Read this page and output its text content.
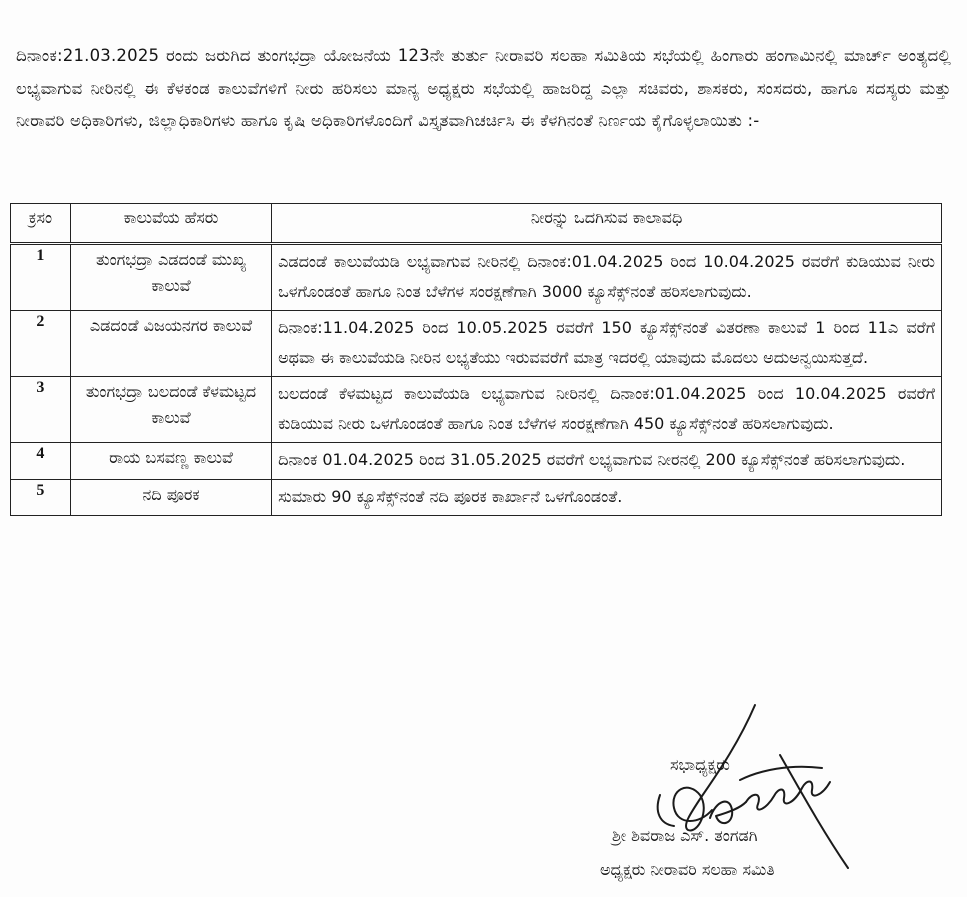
ದಿನಾಂಕ:21.03.2025 ರಂದು ಜರುಗಿದ ತುಂಗಭದ್ರಾ ಯೋಜನೆಯ 123ನೇ ತುರ್ತು ನೀರಾವರಿ ಸಲಹಾ ಸಮಿತಿಯ ಸಭೆಯಲ್ಲಿ ಹಿಂಗಾರು ಹಂಗಾಮಿನಲ್ಲಿ ಮಾರ್ಚ್ ಅಂತ್ಯದಲ್ಲಿ ಲಭ್ಯವಾಗುವ ನೀರಿನಲ್ಲಿ ಈ ಕೆಳಕಂಡ ಕಾಲುವೆಗಳಿಗೆ ನೀರು ಹರಿಸಲು ಮಾನ್ಯ ಅಧ್ಯಕ್ಷರು ಸಭೆಯಲ್ಲಿ ಹಾಜರಿದ್ದ ಎಲ್ಲಾ ಸಚಿವರು, ಶಾಸಕರು, ಸಂಸದರು, ಹಾಗೂ ಸದಸ್ಯರು ಮತ್ತು ನೀರಾವರಿ ಅಧಿಕಾರಿಗಳು, ಜಿಲ್ಲಾಧಿಕಾರಿಗಳು ಹಾಗೂ ಕೃಷಿ ಅಧಿಕಾರಿಗಳೊಂದಿಗೆ ವಿಸ್ತೃತವಾಗಿಚರ್ಚಿಸಿ ಈ ಕೆಳಗಿನಂತೆ ನಿರ್ಣಯ ಕೈಗೊಳ್ಳಲಾಯಿತು :-

ಕ್ರಸಂ	ಕಾಲುವೆಯ ಹೆಸರು	ನೀರನ್ನು ಒದಗಿಸುವ ಕಾಲಾವಧಿ
1	ತುಂಗಭದ್ರಾ ಎಡದಂಡೆ ಮುಖ್ಯ ಕಾಲುವೆ	ಎಡದಂಡೆ ಕಾಲುವೆಯಡಿ ಲಭ್ಯವಾಗುವ ನೀರಿನಲ್ಲಿ ದಿನಾಂಕ:01.04.2025 ರಿಂದ 10.04.2025 ರವರೆಗೆ ಕುಡಿಯುವ ನೀರು ಒಳಗೊಂಡಂತೆ ಹಾಗೂ ನಿಂತ ಬೆಳೆಗಳ ಸಂರಕ್ಷಣೆಗಾಗಿ 3000 ಕ್ಯೂಸೆಕ್ಸ್‌ನಂತೆ ಹರಿಸಲಾಗುವುದು.
2	ಎಡದಂಡೆ ವಿಜಯನಗರ ಕಾಲುವೆ	ದಿನಾಂಕ:11.04.2025 ರಿಂದ 10.05.2025 ರವರೆಗೆ 150 ಕ್ಯೂಸೆಕ್ಸ್‌ನಂತೆ ವಿತರಣಾ ಕಾಲುವೆ 1 ರಿಂದ 11ಎ ವರೆಗೆ ಅಥವಾ ಈ ಕಾಲುವೆಯಡಿ ನೀರಿನ ಲಭ್ಯತೆಯು ಇರುವವರೆಗೆ ಮಾತ್ರ ಇದರಲ್ಲಿ ಯಾವುದು ಮೊದಲು ಅದುಅನ್ವಯಿಸುತ್ತದೆ.
3	ತುಂಗಭದ್ರಾ ಬಲದಂಡೆ ಕೆಳಮಟ್ಟದ ಕಾಲುವೆ	ಬಲದಂಡೆ ಕೆಳಮಟ್ಟದ ಕಾಲುವೆಯಡಿ ಲಭ್ಯವಾಗುವ ನೀರಿನಲ್ಲಿ ದಿನಾಂಕ:01.04.2025 ರಿಂದ 10.04.2025 ರವರೆಗೆ ಕುಡಿಯುವ ನೀರು ಒಳಗೊಂಡಂತೆ ಹಾಗೂ ನಿಂತ ಬೆಳೆಗಳ ಸಂರಕ್ಷಣೆಗಾಗಿ 450 ಕ್ಯೂಸೆಕ್ಸ್‌ನಂತೆ ಹರಿಸಲಾಗುವುದು.
4	ರಾಯ ಬಸವಣ್ಣ ಕಾಲುವೆ	ದಿನಾಂಕ 01.04.2025 ರಿಂದ 31.05.2025 ರವರೆಗೆ ಲಭ್ಯವಾಗುವ ನೀರನಲ್ಲಿ 200 ಕ್ಯೂಸೆಕ್ಸ್‌ನಂತೆ ಹರಿಸಲಾಗುವುದು.
5	ನದಿ ಪೂರಕ	ಸುಮಾರು 90 ಕ್ಯೂಸೆಕ್ಸ್‌ನಂತೆ ನದಿ ಪೂರಕ ಕಾರ್ಖಾನೆ ಒಳಗೊಂಡಂತೆ.

ಸಭಾಧ್ಯಕ್ಷರು

ಶ್ರೀ ಶಿವರಾಜ ಎಸ್. ತಂಗಡಗಿ

ಅಧ್ಯಕ್ಷರು ನೀರಾವರಿ ಸಲಹಾ ಸಮಿತಿ
